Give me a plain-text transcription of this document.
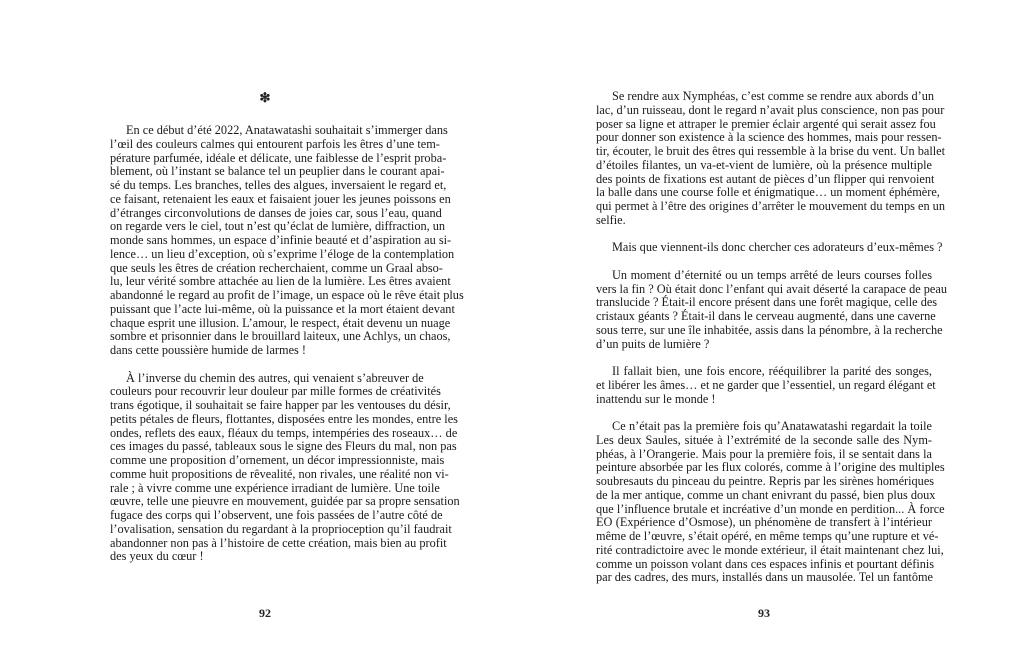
❇
En ce début d’été 2022, Anatawatashi souhaitait s’immerger dans
l’œil des couleurs calmes qui entourent parfois les êtres d’une tem-
pérature parfumée, idéale et délicate, une faiblesse de l’esprit proba-
blement, où l’instant se balance tel un peuplier dans le courant apai-
sé du temps. Les branches, telles des algues, inversaient le regard et,
ce faisant, retenaient les eaux et faisaient jouer les jeunes poissons en
d’étranges circonvolutions de danses de joies car, sous l’eau, quand
on regarde vers le ciel, tout n’est qu’éclat de lumière, diffraction, un
monde sans hommes, un espace d’infinie beauté et d’aspiration au si-
lence… un lieu d’exception, où s’exprime l’éloge de la contemplation
que seuls les êtres de création recherchaient, comme un Graal abso-
lu, leur vérité sombre attachée au lien de la lumière. Les êtres avaient
abandonné le regard au profit de l’image, un espace où le rêve était plus
puissant que l’acte lui-même, où la puissance et la mort étaient devant
chaque esprit une illusion. L’amour, le respect, était devenu un nuage
sombre et prisonnier dans le brouillard laiteux, une Achlys, un chaos,
dans cette poussière humide de larmes !
À l’inverse du chemin des autres, qui venaient s’abreuver de
couleurs pour recouvrir leur douleur par mille formes de créativités
trans égotique, il souhaitait se faire happer par les ventouses du désir,
petits pétales de fleurs, flottantes, disposées entre les mondes, entre les
ondes, reflets des eaux, fléaux du temps, intempéries des roseaux… de
ces images du passé, tableaux sous le signe des Fleurs du mal, non pas
comme une proposition d’ornement, un décor impressionniste, mais
comme huit propositions de rêvealité, non rivales, une réalité non vi-
rale ; à vivre comme une expérience irradiant de lumière. Une toile
œuvre, telle une pieuvre en mouvement, guidée par sa propre sensation
fugace des corps qui l’observent, une fois passées de l’autre côté de
l’ovalisation, sensation du regardant à la proprioception qu’il faudrait
abandonner non pas à l’histoire de cette création, mais bien au profit
des yeux du cœur !
92
Se rendre aux Nymphéas, c’est comme se rendre aux abords d’un
lac, d’un ruisseau, dont le regard n’avait plus conscience, non pas pour
poser sa ligne et attraper le premier éclair argenté qui serait assez fou
pour donner son existence à la science des hommes, mais pour ressen-
tir, écouter, le bruit des êtres qui ressemble à la brise du vent. Un ballet
d’étoiles filantes, un va-et-vient de lumière, où la présence multiple
des points de fixations est autant de pièces d’un flipper qui renvoient
la balle dans une course folle et énigmatique… un moment éphémère,
qui permet à l’être des origines d’arrêter le mouvement du temps en un
selfie.
Mais que viennent-ils donc chercher ces adorateurs d’eux-mêmes ?
Un moment d’éternité ou un temps arrêté de leurs courses folles
vers la fin ? Où était donc l’enfant qui avait déserté la carapace de peau
translucide ? Était-il encore présent dans une forêt magique, celle des
cristaux géants ? Était-il dans le cerveau augmenté, dans une caverne
sous terre, sur une île inhabitée, assis dans la pénombre, à la recherche
d’un puits de lumière ?
Il fallait bien, une fois encore, rééquilibrer la parité des songes,
et libérer les âmes… et ne garder que l’essentiel, un regard élégant et
inattendu sur le monde !
Ce n’était pas la première fois qu’Anatawatashi regardait la toile
Les deux Saules, située à l’extrémité de la seconde salle des Nym-
phéas, à l’Orangerie. Mais pour la première fois, il se sentait dans la
peinture absorbée par les flux colorés, comme à l’origine des multiples
soubresauts du pinceau du peintre. Repris par les sirènes homériques
de la mer antique, comme un chant enivrant du passé, bien plus doux
que l’influence brutale et incréative d’un monde en perdition... À force
EO (Expérience d’Osmose), un phénomène de transfert à l’intérieur
même de l’œuvre, s’était opéré, en même temps qu’une rupture et vé-
rité contradictoire avec le monde extérieur, il était maintenant chez lui,
comme un poisson volant dans ces espaces infinis et pourtant définis
par des cadres, des murs, installés dans un mausolée. Tel un fantôme
93
